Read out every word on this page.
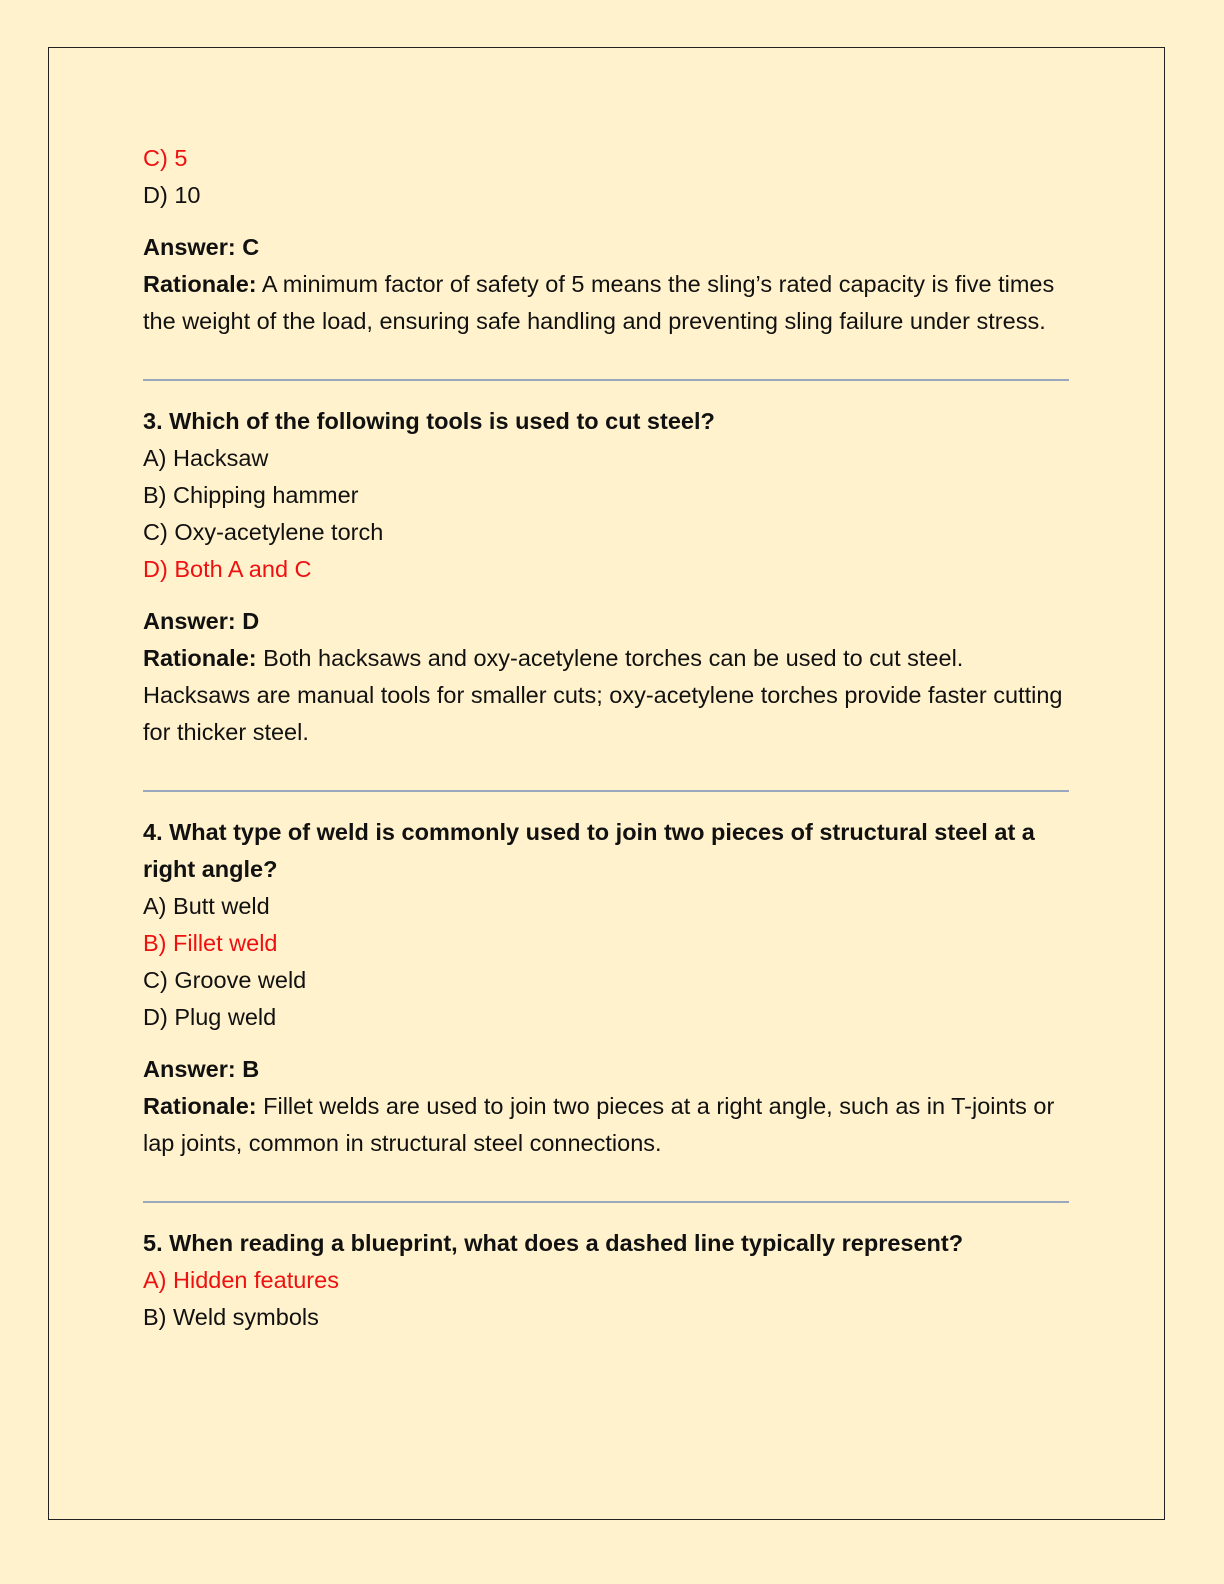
C) 5
D) 10
Answer: C
Rationale: A minimum factor of safety of 5 means the sling’s rated capacity is five times the weight of the load, ensuring safe handling and preventing sling failure under stress.
3. Which of the following tools is used to cut steel?
A) Hacksaw
B) Chipping hammer
C) Oxy-acetylene torch
D) Both A and C
Answer: D
Rationale: Both hacksaws and oxy-acetylene torches can be used to cut steel. Hacksaws are manual tools for smaller cuts; oxy-acetylene torches provide faster cutting for thicker steel.
4. What type of weld is commonly used to join two pieces of structural steel at a right angle?
A) Butt weld
B) Fillet weld
C) Groove weld
D) Plug weld
Answer: B
Rationale: Fillet welds are used to join two pieces at a right angle, such as in T-joints or lap joints, common in structural steel connections.
5. When reading a blueprint, what does a dashed line typically represent?
A) Hidden features
B) Weld symbols
